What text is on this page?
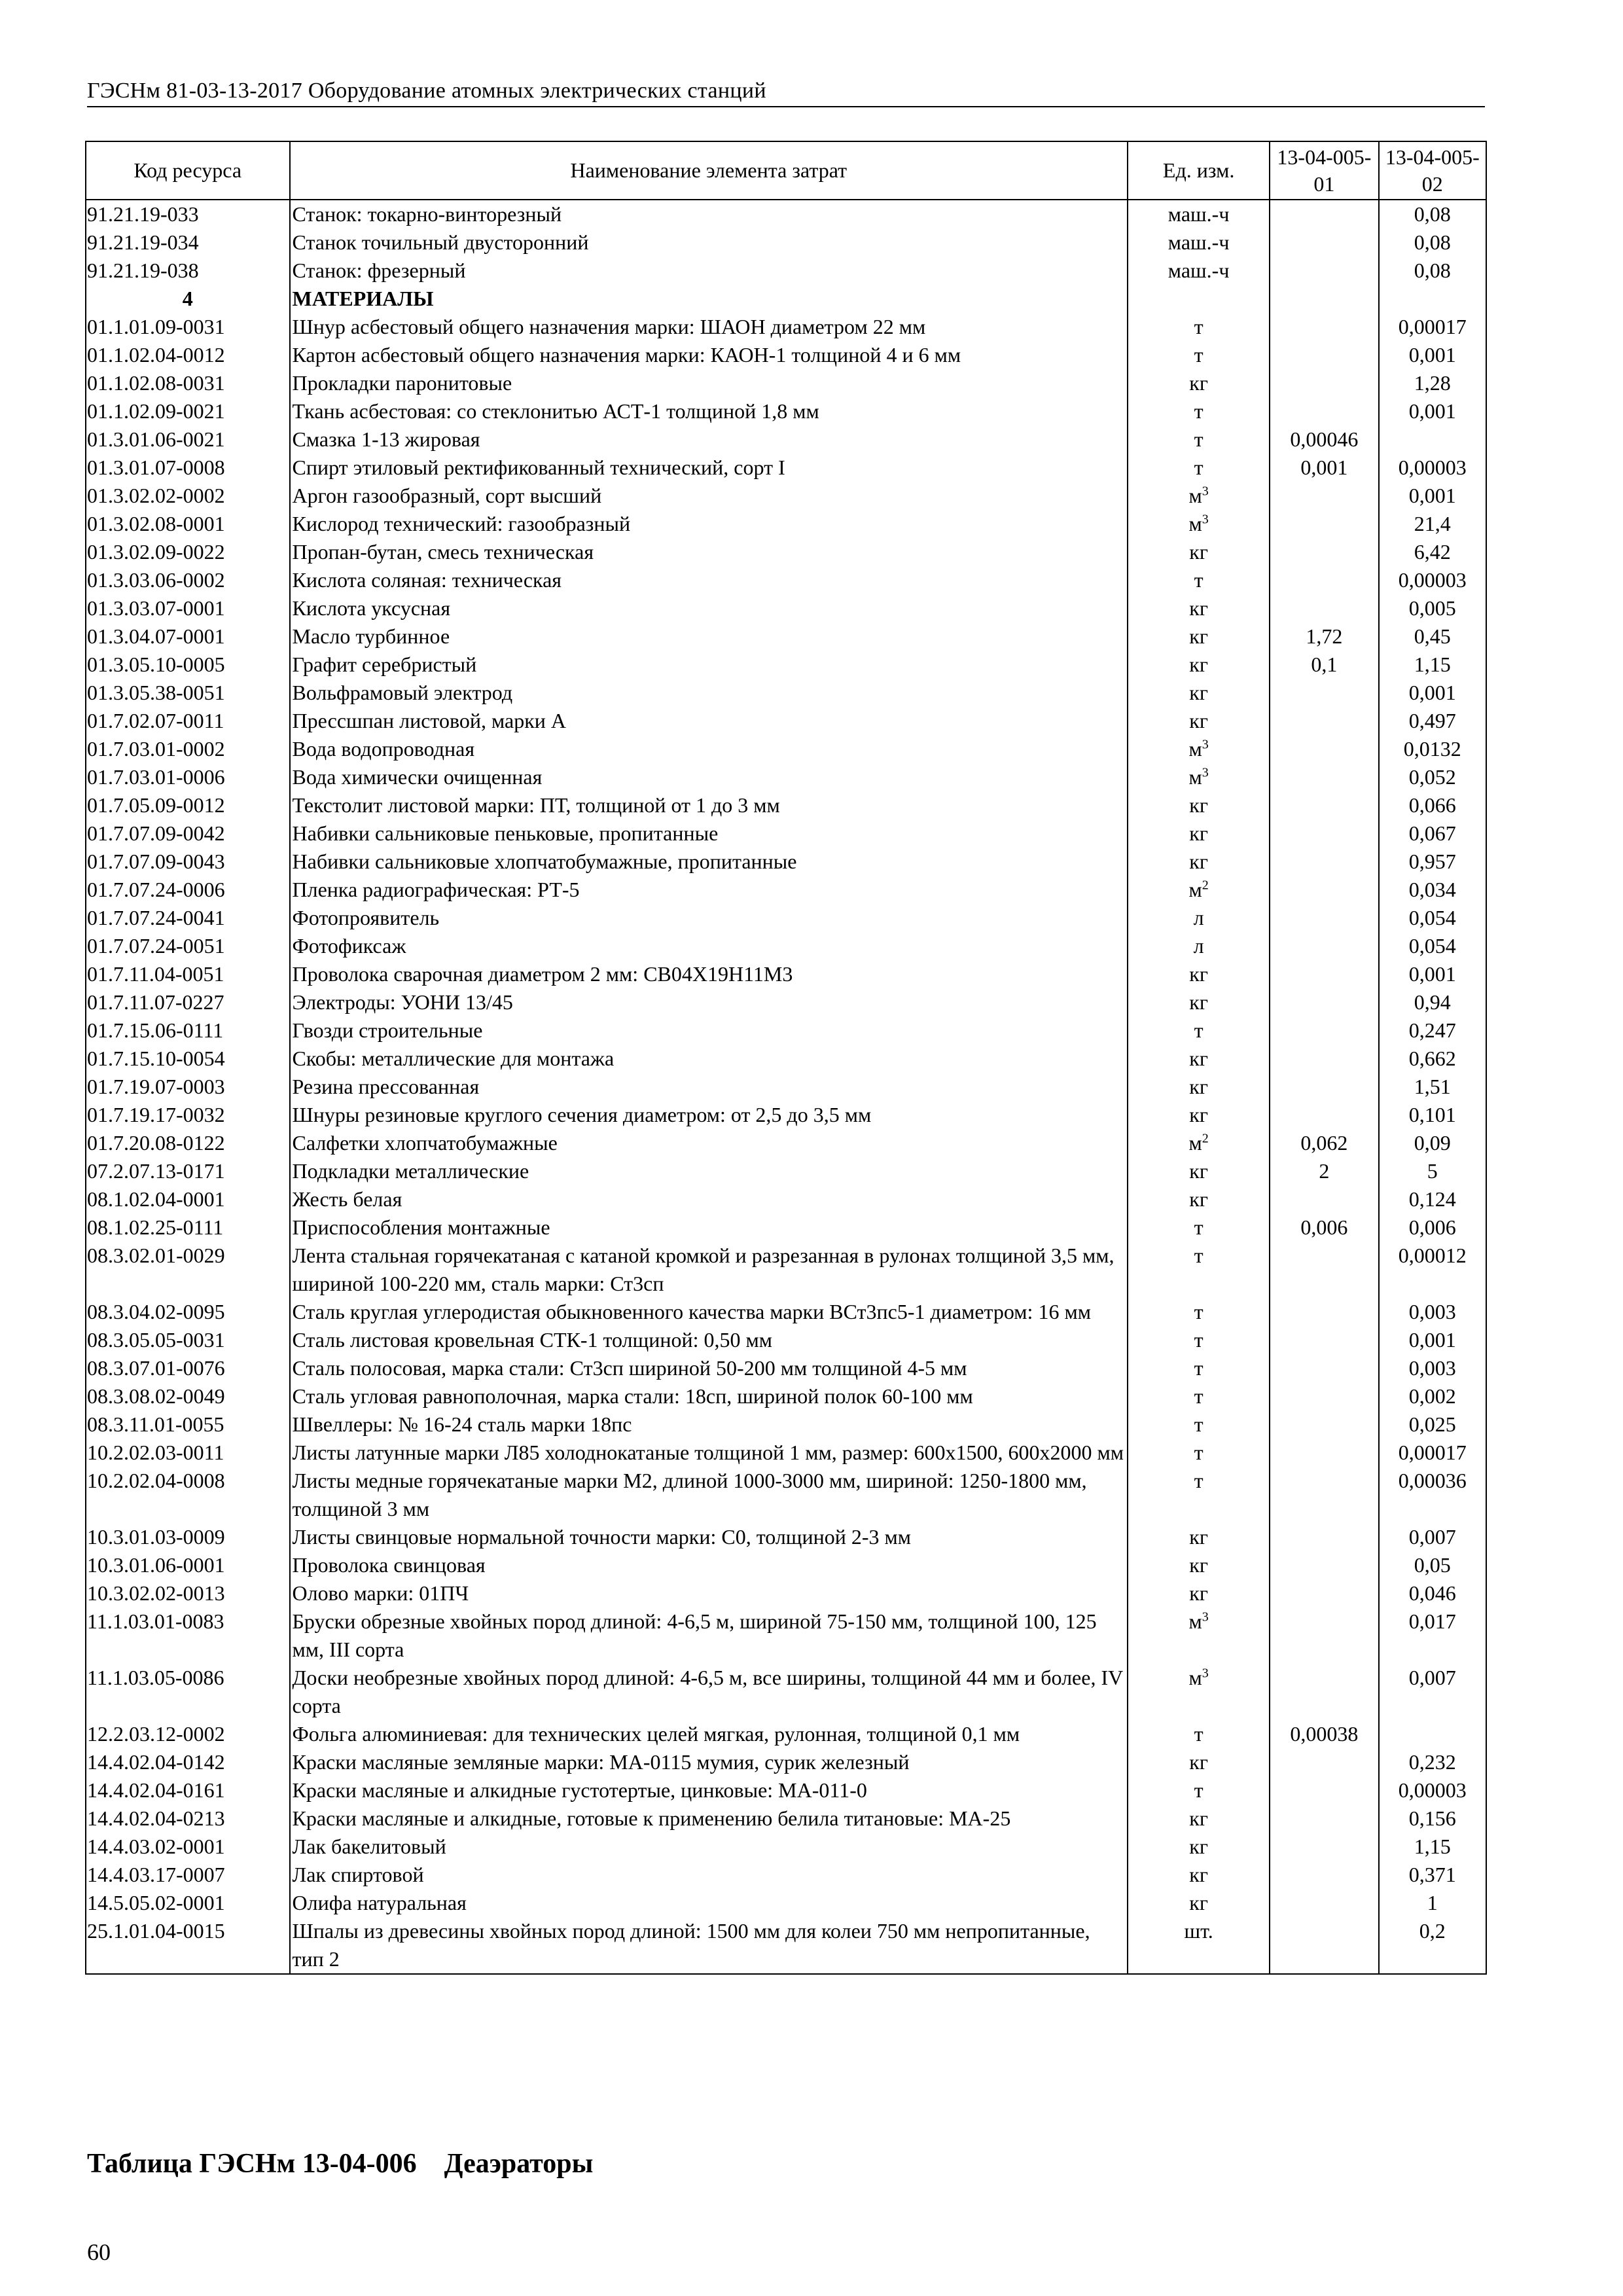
ГЭСНм 81-03-13-2017 Оборудование атомных электрических станций
Код ресурса	Наименование элемента затрат	Ед. изм.	13-04-005-01	13-04-005-02
91.21.19-033	Станок: токарно-винторезный	маш.-ч		0,08
91.21.19-034	Станок точильный двусторонний	маш.-ч		0,08
91.21.19-038	Станок: фрезерный	маш.-ч		0,08
4	МАТЕРИАЛЫ			
01.1.01.09-0031	Шнур асбестовый общего назначения марки: ШАОН диаметром 22 мм	т		0,00017
01.1.02.04-0012	Картон асбестовый общего назначения марки: КАОН-1 толщиной 4 и 6 мм	т		0,001
01.1.02.08-0031	Прокладки паронитовые	кг		1,28
01.1.02.09-0021	Ткань асбестовая: со стеклонитью АСТ-1 толщиной 1,8 мм	т		0,001
01.3.01.06-0021	Смазка 1-13 жировая	т	0,00046	
01.3.01.07-0008	Спирт этиловый ректификованный технический, сорт I	т	0,001	0,00003
01.3.02.02-0002	Аргон газообразный, сорт высший	$м^3$		0,001
01.3.02.08-0001	Кислород технический: газообразный	$м^3$		21,4
01.3.02.09-0022	Пропан-бутан, смесь техническая	кг		6,42
01.3.03.06-0002	Кислота соляная: техническая	т		0,00003
01.3.03.07-0001	Кислота уксусная	кг		0,005
01.3.04.07-0001	Масло турбинное	кг	1,72	0,45
01.3.05.10-0005	Графит серебристый	кг	0,1	1,15
01.3.05.38-0051	Вольфрамовый электрод	кг		0,001
01.7.02.07-0011	Прессшпан листовой, марки А	кг		0,497
01.7.03.01-0002	Вода водопроводная	$м^3$		0,0132
01.7.03.01-0006	Вода химически очищенная	$м^3$		0,052
01.7.05.09-0012	Текстолит листовой марки: ПТ, толщиной от 1 до 3 мм	кг		0,066
01.7.07.09-0042	Набивки сальниковые пеньковые, пропитанные	кг		0,067
01.7.07.09-0043	Набивки сальниковые хлопчатобумажные, пропитанные	кг		0,957
01.7.07.24-0006	Пленка радиографическая: РТ-5	$м^2$		0,034
01.7.07.24-0041	Фотопроявитель	л		0,054
01.7.07.24-0051	Фотофиксаж	л		0,054
01.7.11.04-0051	Проволока сварочная диаметром 2 мм: СВ04Х19Н11М3	кг		0,001
01.7.11.07-0227	Электроды: УОНИ 13/45	кг		0,94
01.7.15.06-0111	Гвозди строительные	т		0,247
01.7.15.10-0054	Скобы: металлические для монтажа	кг		0,662
01.7.19.07-0003	Резина прессованная	кг		1,51
01.7.19.17-0032	Шнуры резиновые круглого сечения диаметром: от 2,5 до 3,5 мм	кг		0,101
01.7.20.08-0122	Салфетки хлопчатобумажные	$м^2$	0,062	0,09
07.2.07.13-0171	Подкладки металлические	кг	2	5
08.1.02.04-0001	Жесть белая	кг		0,124
08.1.02.25-0111	Приспособления монтажные	т	0,006	0,006
08.3.02.01-0029	Лента стальная горячекатаная с катаной кромкой и разрезанная в рулонах толщиной 3,5 мм, шириной 100-220 мм, сталь марки: Ст3сп	т		0,00012
08.3.04.02-0095	Сталь круглая углеродистая обыкновенного качества марки ВСт3пс5-1 диаметром: 16 мм	т		0,003
08.3.05.05-0031	Сталь листовая кровельная СТК-1 толщиной: 0,50 мм	т		0,001
08.3.07.01-0076	Сталь полосовая, марка стали: Ст3сп шириной 50-200 мм толщиной 4-5 мм	т		0,003
08.3.08.02-0049	Сталь угловая равнополочная, марка стали: 18сп, шириной полок 60-100 мм	т		0,002
08.3.11.01-0055	Швеллеры: № 16-24 сталь марки 18пс	т		0,025
10.2.02.03-0011	Листы латунные марки Л85 холоднокатаные толщиной 1 мм, размер: 600х1500, 600х2000 мм	т		0,00017
10.2.02.04-0008	Листы медные горячекатаные марки М2, длиной 1000-3000 мм, шириной: 1250-1800 мм, толщиной 3 мм	т		0,00036
10.3.01.03-0009	Листы свинцовые нормальной точности марки: С0, толщиной 2-3 мм	кг		0,007
10.3.01.06-0001	Проволока свинцовая	кг		0,05
10.3.02.02-0013	Олово марки: 01ПЧ	кг		0,046
11.1.03.01-0083	Бруски обрезные хвойных пород длиной: 4-6,5 м, шириной 75-150 мм, толщиной 100, 125 мм, III сорта	$м^3$		0,017
11.1.03.05-0086	Доски необрезные хвойных пород длиной: 4-6,5 м, все ширины, толщиной 44 мм и более, IV сорта	$м^3$		0,007
12.2.03.12-0002	Фольга алюминиевая: для технических целей мягкая, рулонная, толщиной 0,1 мм	т	0,00038	
14.4.02.04-0142	Краски масляные земляные марки: МА-0115 мумия, сурик железный	кг		0,232
14.4.02.04-0161	Краски масляные и алкидные густотертые, цинковые: МА-011-0	т		0,00003
14.4.02.04-0213	Краски масляные и алкидные, готовые к применению белила титановые: МА-25	кг		0,156
14.4.03.02-0001	Лак бакелитовый	кг		1,15
14.4.03.17-0007	Лак спиртовой	кг		0,371
14.5.05.02-0001	Олифа натуральная	кг		1
25.1.01.04-0015	Шпалы из древесины хвойных пород длиной: 1500 мм для колеи 750 мм непропитанные, тип 2	шт.		0,2
Таблица ГЭСНм 13-04-006    Деаэраторы
60
